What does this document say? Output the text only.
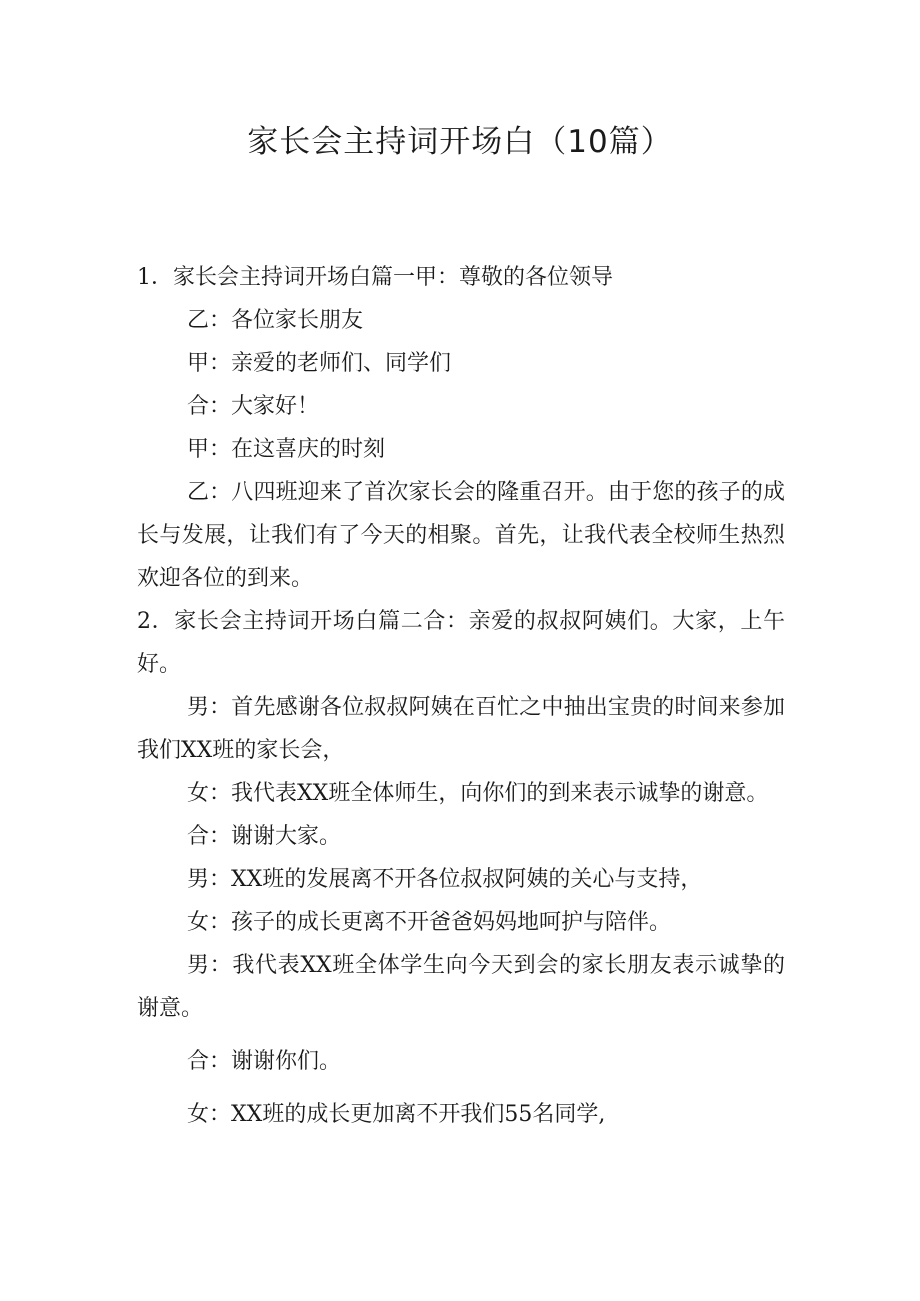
家长会主持词开场白（10篇）

1．家长会主持词开场白篇一甲：尊敬的各位领导

乙：各位家长朋友

甲：亲爱的老师们、同学们

合：大家好！

甲：在这喜庆的时刻

乙：八四班迎来了首次家长会的隆重召开。由于您的孩子的成长与发展，让我们有了今天的相聚。首先，让我代表全校师生热烈欢迎各位的到来。

2．家长会主持词开场白篇二合：亲爱的叔叔阿姨们。大家，上午好。

男：首先感谢各位叔叔阿姨在百忙之中抽出宝贵的时间来参加我们XX班的家长会，

女：我代表XX班全体师生，向你们的到来表示诚挚的谢意。

合：谢谢大家。

男：XX班的发展离不开各位叔叔阿姨的关心与支持，

女：孩子的成长更离不开爸爸妈妈地呵护与陪伴。

男：我代表XX班全体学生向今天到会的家长朋友表示诚挚的谢意。

合：谢谢你们。

女：XX班的成长更加离不开我们55名同学,
